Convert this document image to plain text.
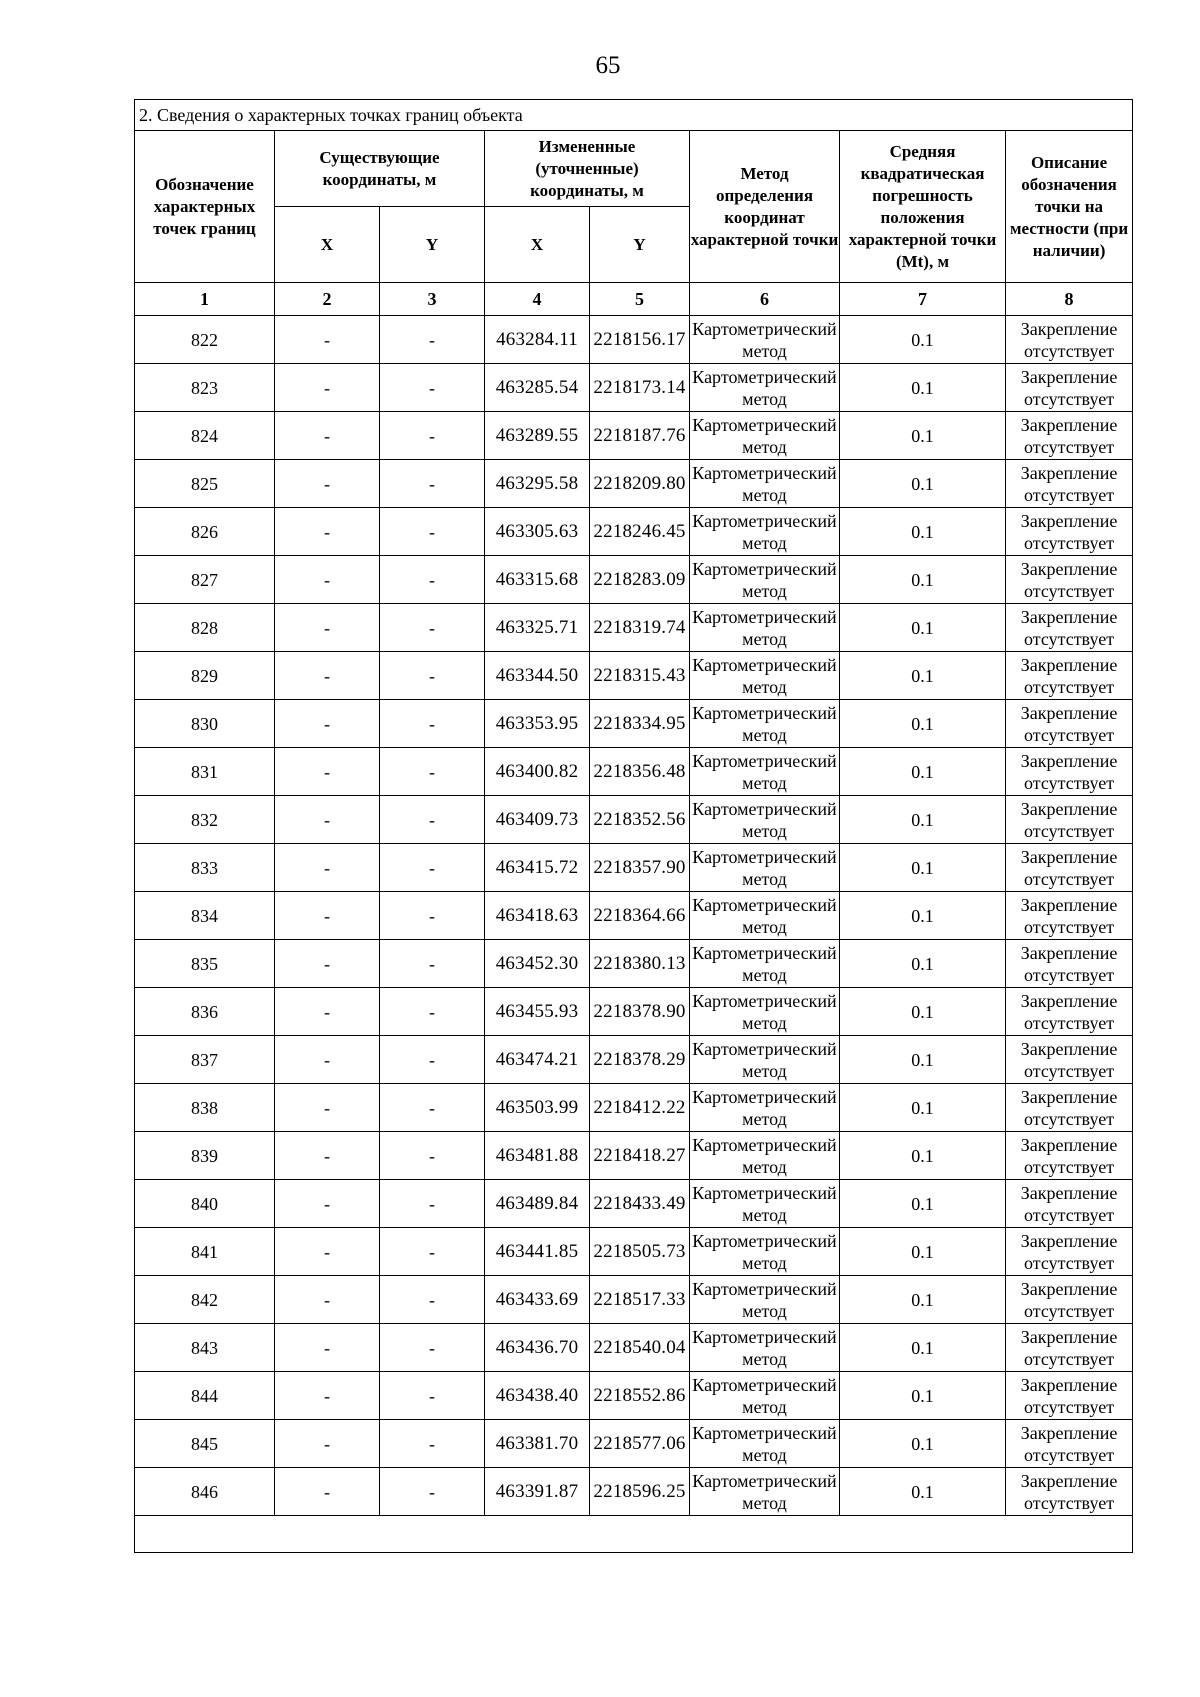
65
2. Сведения о характерных точках границ объекта							
Обозначение характерных точек границ	Существующие координаты, м		Измененные (уточненные) координаты, м		Метод определения координат характерной точки	Средняя квадратическая погрешность положения характерной точки (Mt), м	Описание обозначения точки на местности (при наличии)
	X	Y	X	Y			
1	2	3	4	5	6	7	8
822	-	-	463284.11	2218156.17	Картометрический метод	0.1	Закрепление отсутствует
823	-	-	463285.54	2218173.14	Картометрический метод	0.1	Закрепление отсутствует
824	-	-	463289.55	2218187.76	Картометрический метод	0.1	Закрепление отсутствует
825	-	-	463295.58	2218209.80	Картометрический метод	0.1	Закрепление отсутствует
826	-	-	463305.63	2218246.45	Картометрический метод	0.1	Закрепление отсутствует
827	-	-	463315.68	2218283.09	Картометрический метод	0.1	Закрепление отсутствует
828	-	-	463325.71	2218319.74	Картометрический метод	0.1	Закрепление отсутствует
829	-	-	463344.50	2218315.43	Картометрический метод	0.1	Закрепление отсутствует
830	-	-	463353.95	2218334.95	Картометрический метод	0.1	Закрепление отсутствует
831	-	-	463400.82	2218356.48	Картометрический метод	0.1	Закрепление отсутствует
832	-	-	463409.73	2218352.56	Картометрический метод	0.1	Закрепление отсутствует
833	-	-	463415.72	2218357.90	Картометрический метод	0.1	Закрепление отсутствует
834	-	-	463418.63	2218364.66	Картометрический метод	0.1	Закрепление отсутствует
835	-	-	463452.30	2218380.13	Картометрический метод	0.1	Закрепление отсутствует
836	-	-	463455.93	2218378.90	Картометрический метод	0.1	Закрепление отсутствует
837	-	-	463474.21	2218378.29	Картометрический метод	0.1	Закрепление отсутствует
838	-	-	463503.99	2218412.22	Картометрический метод	0.1	Закрепление отсутствует
839	-	-	463481.88	2218418.27	Картометрический метод	0.1	Закрепление отсутствует
840	-	-	463489.84	2218433.49	Картометрический метод	0.1	Закрепление отсутствует
841	-	-	463441.85	2218505.73	Картометрический метод	0.1	Закрепление отсутствует
842	-	-	463433.69	2218517.33	Картометрический метод	0.1	Закрепление отсутствует
843	-	-	463436.70	2218540.04	Картометрический метод	0.1	Закрепление отсутствует
844	-	-	463438.40	2218552.86	Картометрический метод	0.1	Закрепление отсутствует
845	-	-	463381.70	2218577.06	Картометрический метод	0.1	Закрепление отсутствует
846	-	-	463391.87	2218596.25	Картометрический метод	0.1	Закрепление отсутствует
